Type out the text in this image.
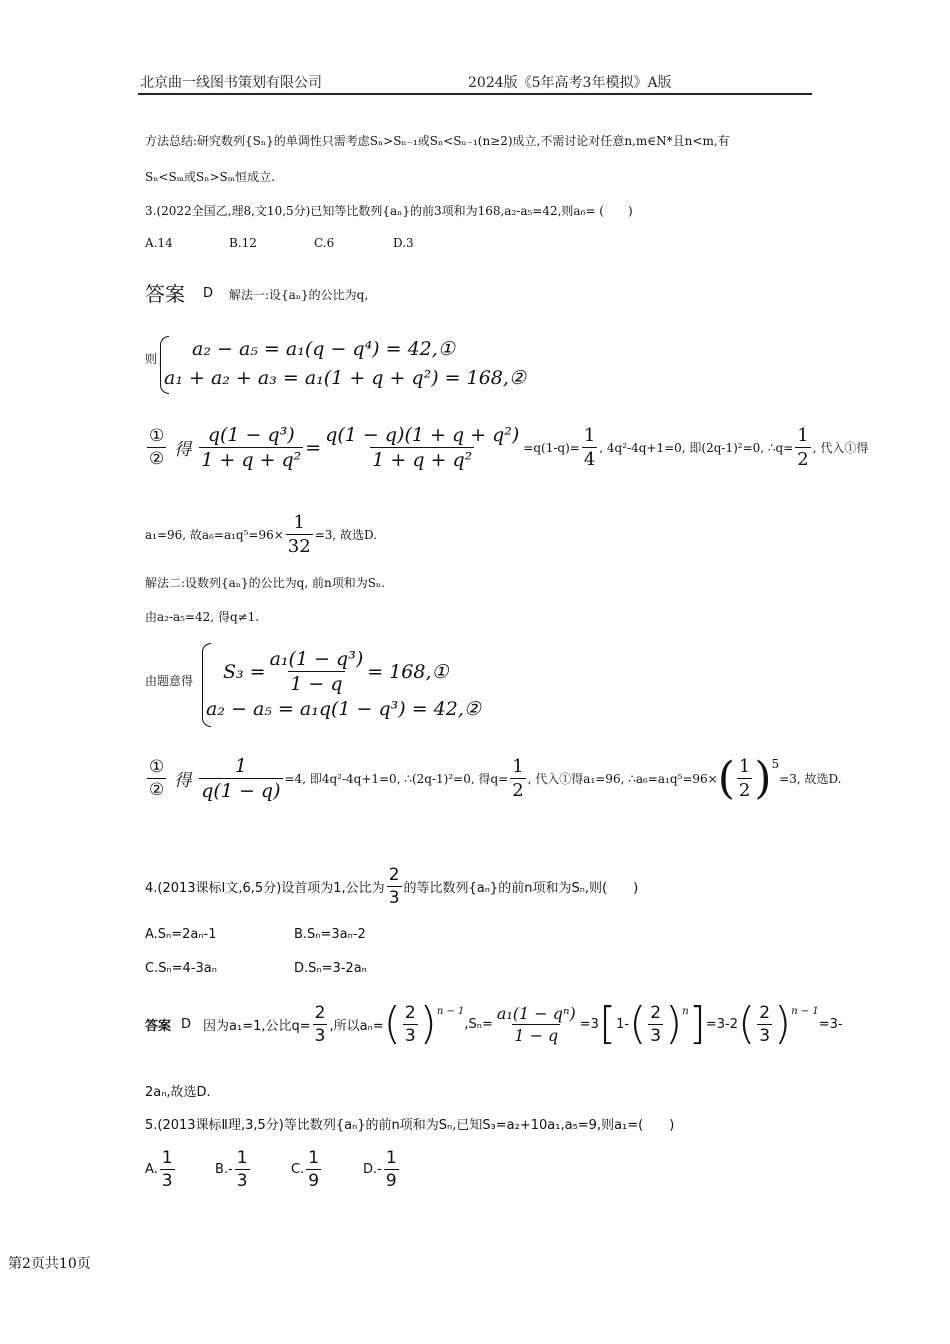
北京曲一线图书策划有限公司	2024版《5年高考3年模拟》A版
方法总结:研究数列{Sₙ}的单调性只需考虑Sₙ>Sₙ₋₁或Sₙ<Sₙ₋₁(n≥2)成立,不需讨论对任意n,m∈N*且n<m,有
Sₙ<Sₘ或Sₙ>Sₘ恒成立.
3.(2022全国乙,理8,文10,5分)已知等比数列{aₙ}的前3项和为168,a₂-a₅=42,则a₆= (　　)
A.14	B.12	C.6	D.3
答案 D 解法一:设{aₙ}的公比为q,
则 a₂ − a₅ = a₁(q − q⁴) = 42,①
a₁ + a₂ + a₃ = a₁(1 + q + q²) = 168,②
$\frac{\text{①}}{\text{②}}$ 得 $\frac{\text{q(1 − q³)}}{\text{1 + q + q²}} = \frac{\text{q(1 − q)(1 + q + q²)}}{\text{1 + q + q²}} =q(1-q)= \frac{1}{4}$ , 4q²-4q+1=0, 即(2q-1)²=0, ∴q= $\frac{1}{2}$ , 代入①得
a₁=96, 故$a_6=a_1q^5=96\times \frac{1}{32} =3$, 故选D.
解法二:设数列{aₙ}的公比为q, 前n项和为Sₙ.
由a₂-a₅=42, 得q≠1.
由题意得 $S_3 = \frac{\text{a₁(1 − q³)}}{1 - q}$ = 168,①
a₂ − a₅ = a₁q(1 − q³) = 42,②
$\frac{\text{①}}{\text{②}}$ 得 $\frac{1}{q(1 - q)} =4$, 即4q²-4q+1=0, ∴(2q-1)²=0, 得$q= \frac{1}{2}$ , 代入①得a₁=96, ∴a₆=a₁q⁵=96× ( $\frac{1}{2}$ ) 5
=3, 故选D.
4.(2013课标Ⅰ文,6,5分)设首项为1,公比为 $\frac{2}{3}$ 的等比数列{aₙ}的前n项和为Sₙ,则(　　)
A.Sₙ=2aₙ-1	B.Sₙ=3aₙ-2
C.Sₙ=4-3aₙ	D.Sₙ=3-2aₙ
答案 D 因为a₁=1,公比$q= \frac{2}{3}$ ,所以aₙ= ( $\frac{2}{3}$ ) n − 1
$,S_n= \frac{\text{a₁(1 − qⁿ)}}{1 - q} =3$ [ 1- ( $\frac{2}{3}$ ) n ] =3-2 ( $\frac{2}{3}$ ) n − 1
=3-
2aₙ,故选D.
5.(2013课标Ⅱ理,3,5分)等比数列{aₙ}的前n项和为Sₙ,已知S₃=a₂+10a₁,a₅=9,则a₁=(　　)
A. $\frac{1}{3}$	$B.- \frac{1}{3}$	C. $\frac{1}{9}$	$D.- \frac{1}{9}$
第2页共10页
